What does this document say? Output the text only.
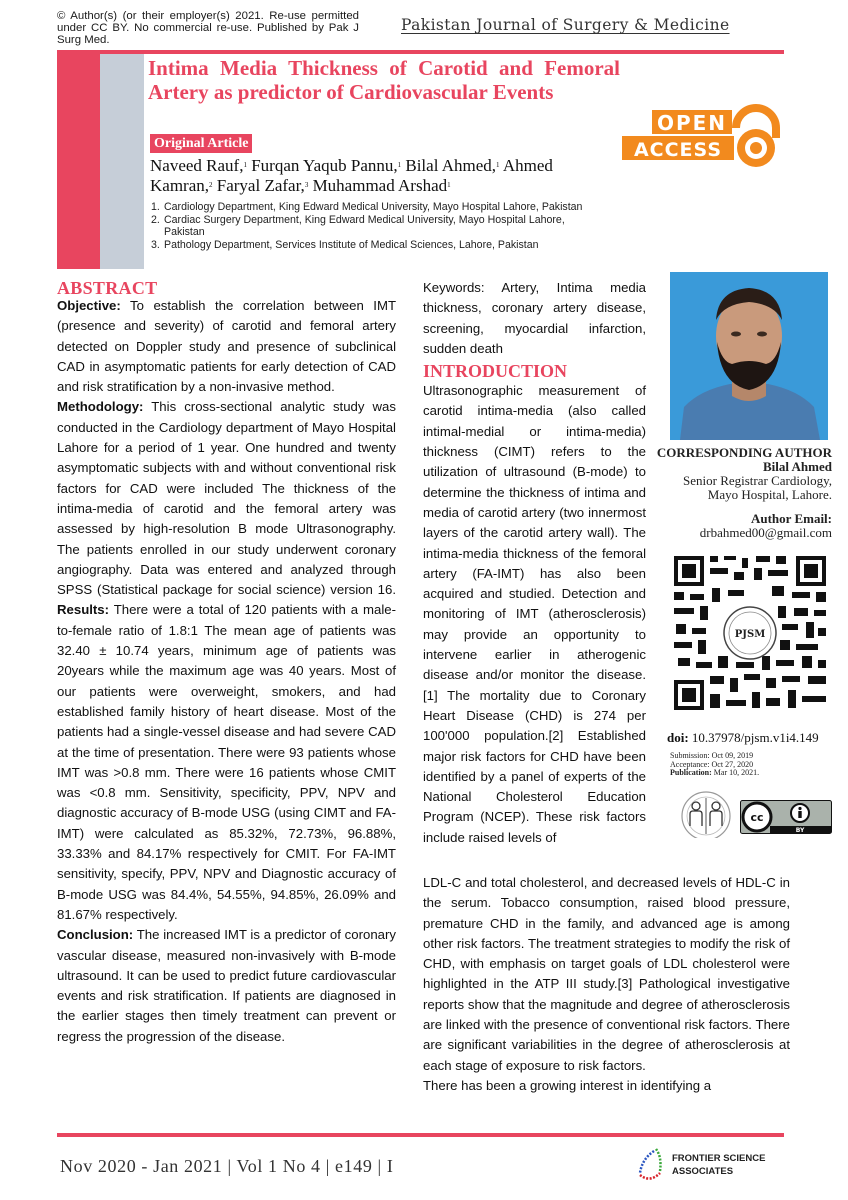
© Author(s) (or their employer(s) 2021. Re-use permitted under CC BY. No commercial re-use. Published by Pak J Surg Med.
Pakistan Journal of Surgery & Medicine
Intima Media Thickness of Carotid and Femoral Artery as predictor of Cardiovascular Events
Original Article
Naveed Rauf,$^1$ Furqan Yaqub Pannu,$^1$ Bilal Ahmed,$^1$ Ahmed Kamran,$^2$ Faryal Zafar,$^3$ Muhammad Arshad$^1$
1. Cardiology Department, King Edward Medical University, Mayo Hospital Lahore, Pakistan
2. Cardiac Surgery Department, King Edward Medical University, Mayo Hospital Lahore, Pakistan
3. Pathology Department, Services Institute of Medical Sciences, Lahore, Pakistan
OPEN
ACCESS
ABSTRACT

Objective: To establish the correlation between IMT (presence and severity) of carotid and femoral artery detected on Doppler study and presence of subclinical CAD in asymptomatic patients for early detection of CAD and risk stratification by a non-invasive method.

Methodology: This cross-sectional analytic study was conducted in the Cardiology department of Mayo Hospital Lahore for a period of 1 year. One hundred and twenty asymptomatic subjects with and without conventional risk factors for CAD were included The thickness of the intima-media of carotid and the femoral artery was assessed by high-resolution B mode Ultrasonography. The patients enrolled in our study underwent coronary angiography. Data was entered and analyzed through SPSS (Statistical package for social science) version 16. Results: There were a total of 120 patients with a male-to-female ratio of 1.8:1 The mean age of patients was 32.40 ± 10.74 years, minimum age of patients was 20years while the maximum age was 40 years. Most of our patients were overweight, smokers, and had established family history of heart disease. Most of the patients had a single-vessel disease and had severe CAD at the time of presentation. There were 93 patients whose IMT was >0.8 mm. There were 16 patients whose CMIT was <0.8 mm. Sensitivity, specificity, PPV, NPV and diagnostic accuracy of B-mode USG (using CIMT and FA-IMT) were calculated as 85.32%, 72.73%, 96.88%, 33.33% and 84.17% respectively for CMIT. For FA-IMT sensitivity, specify, PPV, NPV and Diagnostic accuracy of B-mode USG was 84.4%, 54.55%, 94.85%, 26.09% and 81.67% respectively.

Conclusion: The increased IMT is a predictor of coronary vascular disease, measured non-invasively with B-mode ultrasound. It can be used to predict future cardiovascular events and risk stratification. If patients are diagnosed in the earlier stages then timely treatment can prevent or regress the progression of the disease.

Keywords: Artery, Intima media thickness, coronary artery disease, screening, myocardial infarction, sudden death

INTRODUCTION

Ultrasonographic measurement of carotid intima-media (also called intimal-medial or intima-media) thickness (CIMT) refers to the utilization of ultrasound (B-mode) to determine the thickness of intima and media of carotid artery (two innermost layers of the carotid artery wall). The intima-media thickness of the femoral artery (FA-IMT) has also been acquired and studied. Detection and monitoring of IMT (atherosclerosis) may provide an opportunity to intervene earlier in atherogenic disease and/or monitor the disease.[1] The mortality due to Coronary Heart Disease (CHD) is 274 per 100'000 population.[2] Established major risk factors for CHD have been identified by a panel of experts of the National Cholesterol Education Program (NCEP). These risk factors include raised levels of

LDL-C and total cholesterol, and decreased levels of HDL-C in the serum. Tobacco consumption, raised blood pressure, premature CHD in the family, and advanced age is among other risk factors. The treatment strategies to modify the risk of CHD, with emphasis on target goals of LDL cholesterol were highlighted in the ATP III study.[3] Pathological investigative reports show that the magnitude and degree of atherosclerosis are linked with the presence of conventional risk factors. There are significant variabilities in the degree of atherosclerosis at each stage of exposure to risk factors.

There has been a growing interest in identifying a

CORRESPONDING AUTHOR
Bilal Ahmed
Senior Registrar Cardiology,
Mayo Hospital, Lahore.
Author Email:
drbahmed00@gmail.com
PJSM
doi: 10.37978/pjsm.v1i4.149
Submission: Oct 09, 2019
Acceptance: Oct 27, 2020
Publication: Mar 10, 2021.
cc
BY
Nov 2020 - Jan 2021 | Vol 1 No 4 | e149 | I	FRONTIER SCIENCE
ASSOCIATES
